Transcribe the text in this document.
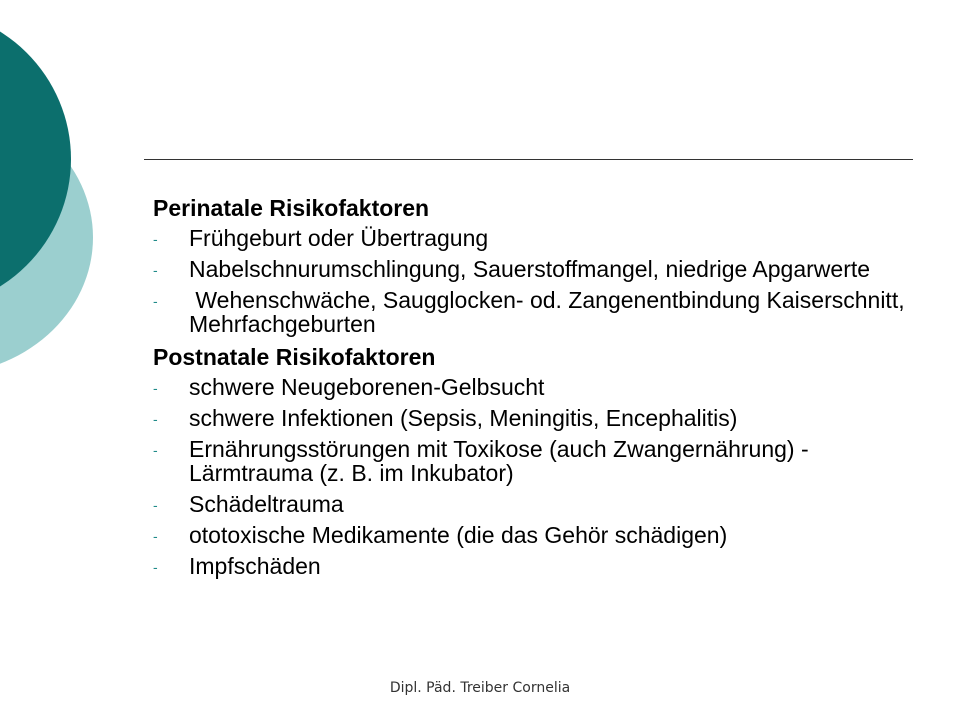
Perinatale Risikofaktoren
- Frühgeburt oder Übertragung
- Nabelschnurumschlingung, Sauerstoffmangel, niedrige Apgarwerte
- Wehenschwäche, Saugglocken- od. Zangenentbindung Kaiserschnitt, Mehrfachgeburten
Postnatale Risikofaktoren
- schwere Neugeborenen-Gelbsucht
- schwere Infektionen (Sepsis, Meningitis, Encephalitis)
- Ernährungsstörungen mit Toxikose (auch Zwangernährung) - Lärmtrauma (z. B. im Inkubator)
- Schädeltrauma
- ototoxische Medikamente (die das Gehör schädigen)
- Impfschäden
Dipl. Päd. Treiber Cornelia
